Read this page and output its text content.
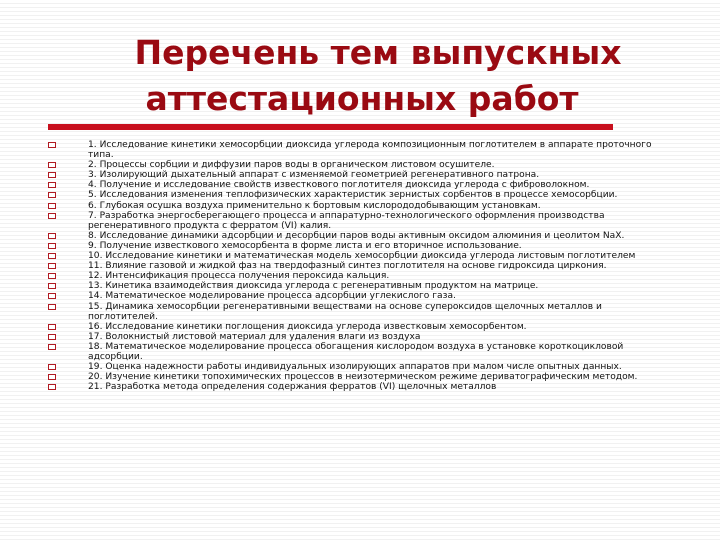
Перечень тем выпускных
аттестационных работ
1. Исследование кинетики хемосорбции диоксида углерода композиционным поглотителем в аппарате проточного типа.
2. Процессы сорбции и диффузии паров воды в органическом листовом осушителе.
3. Изолирующий дыхательный аппарат с изменяемой геометрией регенеративного патрона.
4. Получение и исследование свойств известкового поглотителя диоксида углерода с фиброволокном.
5. Исследования изменения теплофизических характеристик зернистых сорбентов в процессе хемосорбции.
6. Глубокая осушка воздуха применительно к бортовым кислорододобывающим установкам.
7. Разработка энергосберегающего процесса и аппаратурно-технологического оформления производства регенеративного продукта с ферратом (VI) калия.
8. Исследование динамики адсорбции и десорбции паров воды активным оксидом алюминия и цеолитом NaX.
9. Получение известкового хемосорбента в форме листа и его вторичное использование.
10. Исследование кинетики и математическая модель хемосорбции диоксида углерода листовым поглотителем
11. Влияние газовой и жидкой фаз на твердофазный синтез поглотителя на основе гидроксида циркония.
12. Интенсификация процесса получения пероксида кальция.
13. Кинетика взаимодействия диоксида углерода с регенеративным продуктом на матрице.
14. Математическое моделирование процесса адсорбции углекислого газа.
15. Динамика хемосорбции регенеративными веществами на основе супероксидов щелочных металлов и поглотителей.
16. Исследование кинетики поглощения диоксида углерода известковым хемосорбентом.
17. Волокнистый листовой материал для удаления влаги из воздуха
18. Математическое моделирование процесса обогащения кислородом воздуха в установке короткоцикловой адсорбции.
19. Оценка надежности работы индивидуальных изолирующих аппаратов при малом числе опытных данных.
20. Изучение кинетики топохимических процессов в неизотермическом режиме дериватографическим методом.
21. Разработка метода определения содержания ферратов (VI) щелочных металлов
